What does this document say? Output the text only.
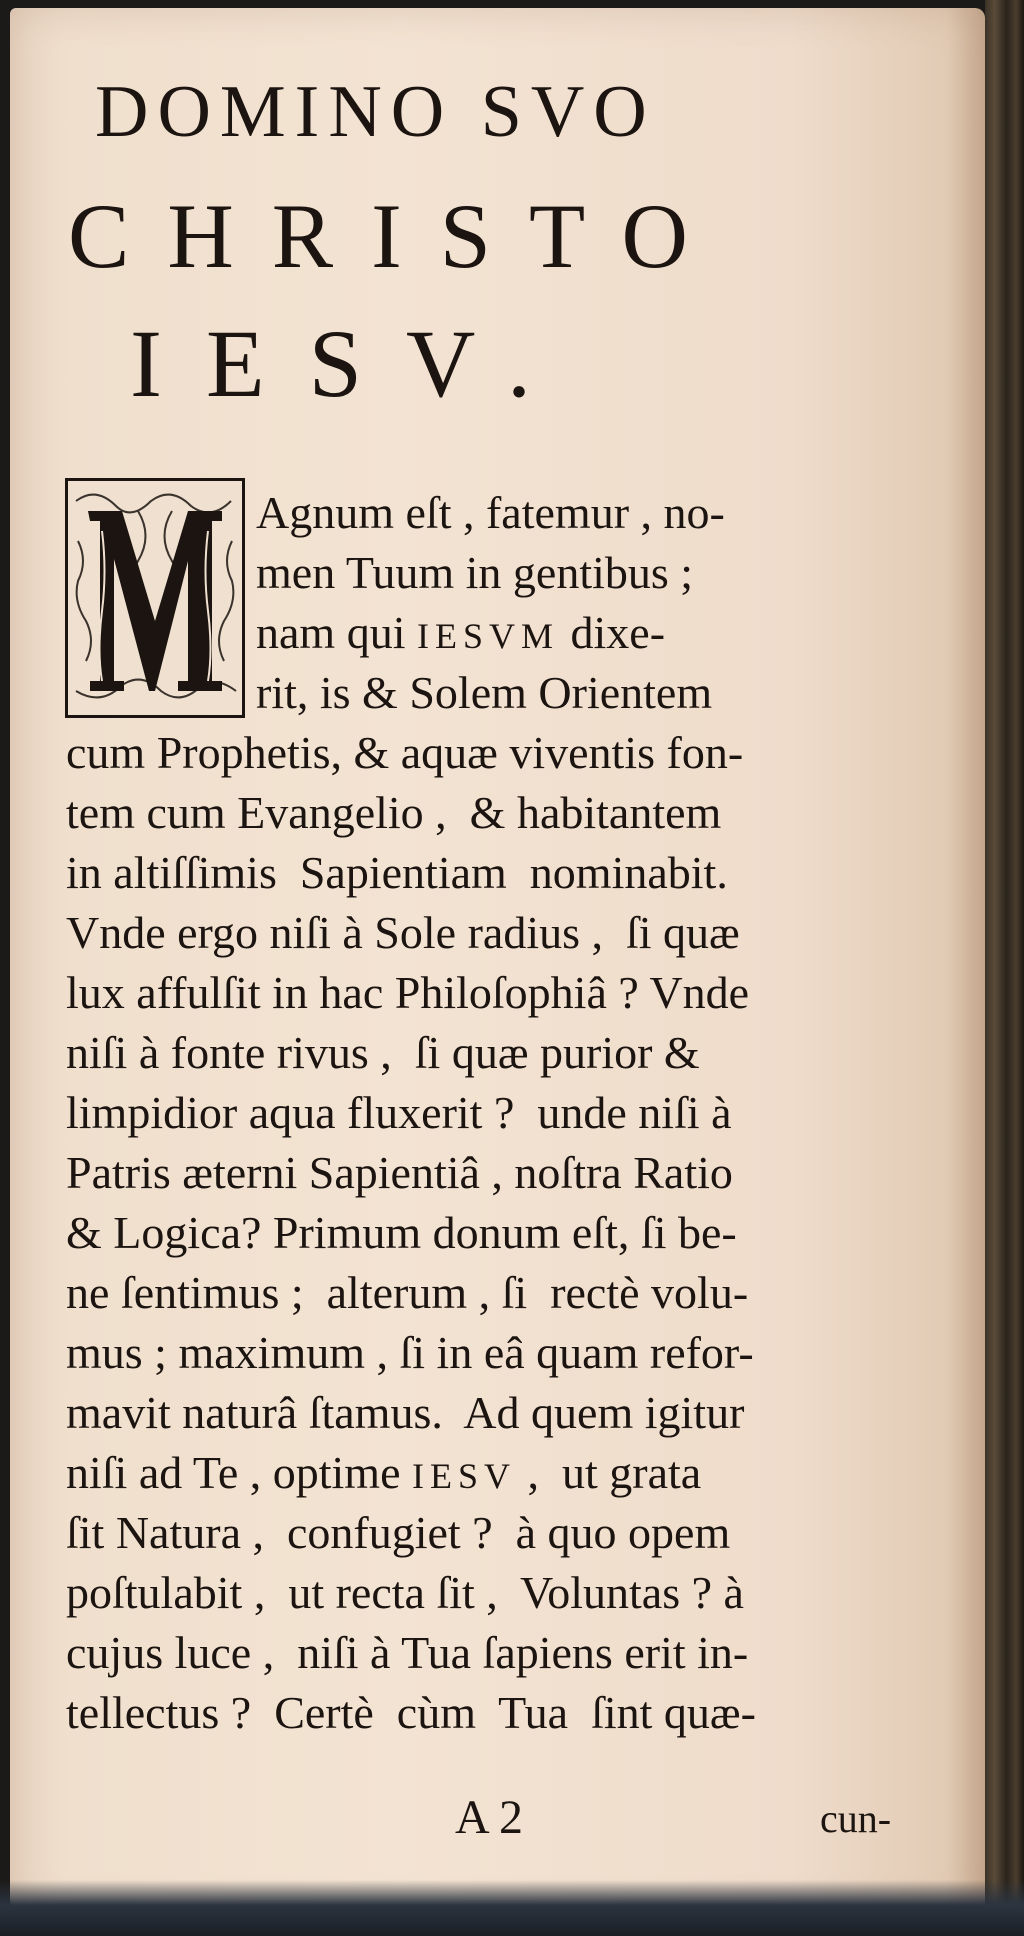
DOMINO SVO
CHRISTO
IESV.
Agnum eſt , fatemur , no-
men Tuum in gentibus ;
nam qui IESVM dixe-
rit, is & Solem Orientem
cum Prophetis, & aquæ viventis fon-
tem cum Evangelio ,  & habitantem
in altiſſimis  Sapientiam  nominabit.
Vnde ergo niſi à Sole radius ,  ſi quæ
lux affulſit in hac Philoſophiâ ? Vnde
niſi à fonte rivus ,  ſi quæ purior &
limpidior aqua fluxerit ?  unde niſi à
Patris æterni Sapientiâ , noſtra Ratio
& Logica? Primum donum eſt, ſi be-
ne ſentimus ;  alterum , ſi  rectè volu-
mus ; maximum , ſi in eâ quam refor-
mavit naturâ ſtamus.  Ad quem igitur
niſi ad Te , optime IESV ,  ut grata
ſit Natura ,  confugiet ?  à quo opem
poſtulabit ,  ut recta ſit ,  Voluntas ? à
cujus luce ,  niſi à Tua ſapiens erit in-
tellectus ?  Certè  cùm  Tua  ſint quæ-
A 2	cun-
